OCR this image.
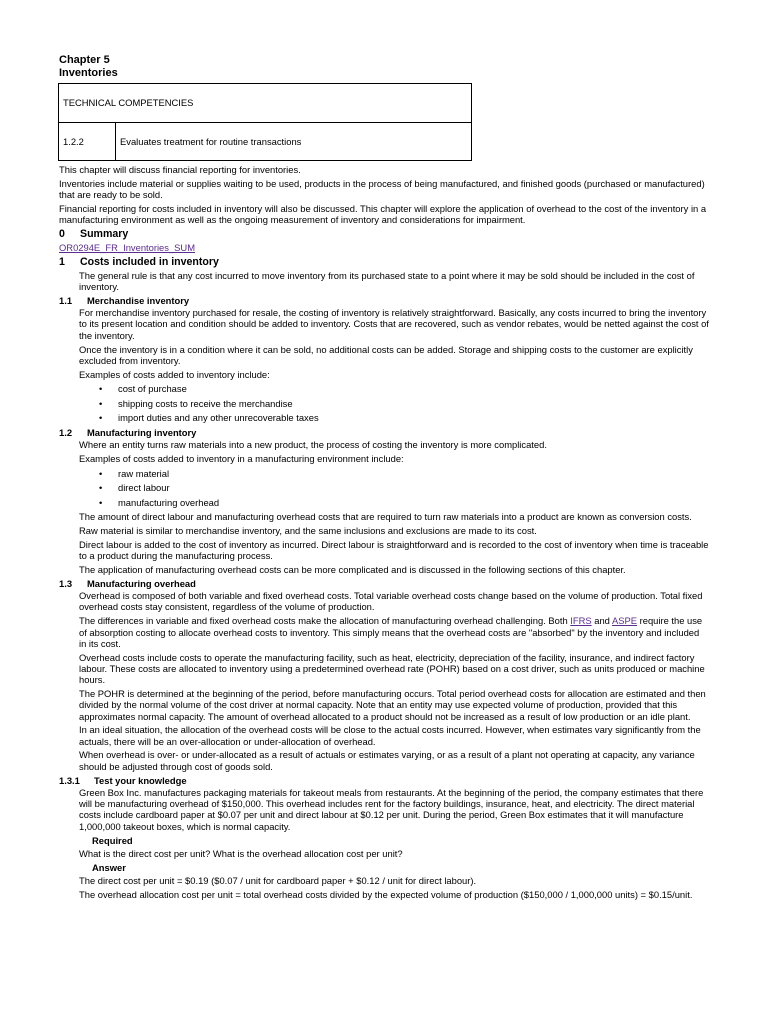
Chapter 5
Inventories
TECHNICAL COMPETENCIES
1.2.2	Evaluates treatment for routine transactions

This chapter will discuss financial reporting for inventories.

Inventories include material or supplies waiting to be used, products in the process of being manufactured, and finished goods (purchased or manufactured) that are ready to be sold.

Financial reporting for costs included in inventory will also be discussed. This chapter will explore the application of overhead to the cost of the inventory in a manufacturing environment as well as the ongoing measurement of inventory and considerations for impairment.

0 Summary

OR0294E_FR_Inventories_SUM

1 Costs included in inventory

The general rule is that any cost incurred to move inventory from its purchased state to a point where it may be sold should be included in the cost of inventory.

1.1 Merchandise inventory

For merchandise inventory purchased for resale, the costing of inventory is relatively straightforward. Basically, any costs incurred to bring the inventory to its present location and condition should be added to inventory. Costs that are recovered, such as vendor rebates, would be netted against the cost of the inventory.

Once the inventory is in a condition where it can be sold, no additional costs can be added. Storage and shipping costs to the customer are explicitly excluded from inventory.

Examples of costs added to inventory include:

• cost of purchase
• shipping costs to receive the merchandise
• import duties and any other unrecoverable taxes
1.2 Manufacturing inventory

Where an entity turns raw materials into a new product, the process of costing the inventory is more complicated.

Examples of costs added to inventory in a manufacturing environment include:

• raw material
• direct labour
• manufacturing overhead

The amount of direct labour and manufacturing overhead costs that are required to turn raw materials into a product are known as conversion costs.

Raw material is similar to merchandise inventory, and the same inclusions and exclusions are made to its cost.

Direct labour is added to the cost of inventory as incurred. Direct labour is straightforward and is recorded to the cost of inventory when time is traceable to a product during the manufacturing process.

The application of manufacturing overhead costs can be more complicated and is discussed in the following sections of this chapter.

1.3 Manufacturing overhead

Overhead is composed of both variable and fixed overhead costs. Total variable overhead costs change based on the volume of production. Total fixed overhead costs stay consistent, regardless of the volume of production.

The differences in variable and fixed overhead costs make the allocation of manufacturing overhead challenging. Both IFRS and ASPE require the use of absorption costing to allocate overhead costs to inventory. This simply means that the overhead costs are "absorbed" by the inventory and included in its cost.

Overhead costs include costs to operate the manufacturing facility, such as heat, electricity, depreciation of the facility, insurance, and indirect factory labour. These costs are allocated to inventory using a predetermined overhead rate (POHR) based on a cost driver, such as units produced or machine hours.

The POHR is determined at the beginning of the period, before manufacturing occurs. Total period overhead costs for allocation are estimated and then divided by the normal volume of the cost driver at normal capacity. Note that an entity may use expected volume of production, provided that this approximates normal capacity. The amount of overhead allocated to a product should not be increased as a result of low production or an idle plant.

In an ideal situation, the allocation of the overhead costs will be close to the actual costs incurred. However, when estimates vary significantly from the actuals, there will be an over-allocation or under-allocation of overhead.

When overhead is over- or under-allocated as a result of actuals or estimates varying, or as a result of a plant not operating at capacity, any variance should be adjusted through cost of goods sold.

1.3.1 Test your knowledge

Green Box Inc. manufactures packaging materials for takeout meals from restaurants. At the beginning of the period, the company estimates that there will be manufacturing overhead of $150,000. This overhead includes rent for the factory buildings, insurance, heat, and electricity. The direct material costs include cardboard paper at $0.07 per unit and direct labour at $0.12 per unit. During the period, Green Box estimates that it will manufacture 1,000,000 takeout boxes, which is normal capacity.

Required

What is the direct cost per unit? What is the overhead allocation cost per unit?

Answer

The direct cost per unit = $0.19 ($0.07 / unit for cardboard paper + $0.12 / unit for direct labour).

The overhead allocation cost per unit = total overhead costs divided by the expected volume of production ($150,000 / 1,000,000 units) = $0.15/unit.
